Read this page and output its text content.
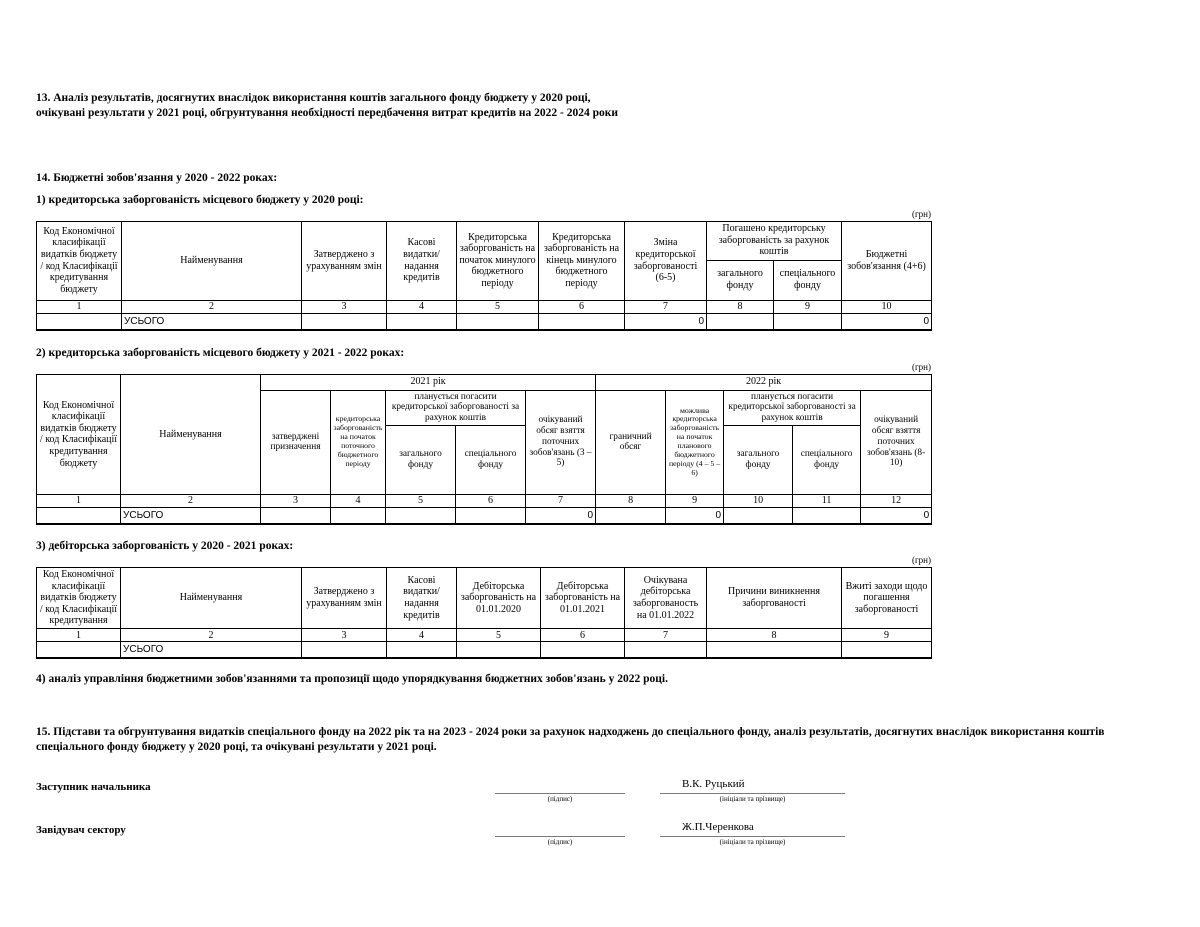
13. Аналіз результатів, досягнутих внаслідок використання коштів загального фонду бюджету у 2020 році, очікувані результати у 2021 році, обгрунтування необхідності передбачення витрат кредитів на 2022 - 2024 роки

14. Бюджетні зобов'язання у 2020 - 2022 роках:

1) кредиторська заборгованість місцевого бюджету у 2020 році:

(грн)
Код Економічної класифікації видатків бюджету / код Класифікації кредитування бюджету	Найменування	Затверджено з урахуванням змін	Касові видатки/ надання кредитів	Кредиторська заборгованість на початок минулого бюджетного періоду	Кредиторська заборгованість на кінець минулого бюджетного періоду	Зміна кредиторської заборгованості (6-5)	Погашено кредиторську заборгованість за рахунок коштів		Бюджетні зобов'язання (4+6)
							загального фонду	спеціального фонду	
1	2	3	4	5	6	7	8	9	10
	УСЬОГО					0			0

2) кредиторська заборгованість місцевого бюджету у 2021 - 2022 роках:

(грн)
Код Економічної класифікації видатків бюджету / код Класифікації кредитування бюджету	Найменування	2021 рік					2022 рік				
		затверджені призначення	кредиторська заборгованість на початок поточного бюджетного періоду	планується погасити кредиторської заборгованості за рахунок коштів		очікуваний обсяг взяття поточних зобов'язань (3 – 5)	граничний обсяг	можлива кредиторська заборгованість на початок планового бюджетного періоду (4 – 5 – 6)	планується погасити кредиторської заборгованості за рахунок коштів		очікуваний обсяг взяття поточних зобов'язань (8-10)
				загального фонду	спеціального фонду				загального фонду	спеціального фонду	
1	2	3	4	5	6	7	8	9	10	11	12
	УСЬОГО					0		0			0

3) дебіторська заборгованість у 2020 - 2021 роках:

(грн)
Код Економічної класифікації видатків бюджету / код Класифікації кредитування	Найменування	Затверджено з урахуванням змін	Касові видатки/ надання кредитів	Дебіторська заборгованість на 01.01.2020	Дебіторська заборгованість на 01.01.2021	Очікувана дебіторська заборгованость на 01.01.2022	Причини виникнення заборгованості	Вжиті заходи щодо погашення заборгованості
1	2	3	4	5	6	7	8	9
	УСЬОГО							

4) аналіз управління бюджетними зобов'язаннями та пропозиції щодо упорядкування бюджетних зобов'язань у 2022 році.

15. Підстави та обгрунтування видатків спеціального фонду на 2022 рік та на 2023 - 2024 роки за рахунок надходжень до спеціального фонду, аналіз результатів, досягнутих внаслідок використання коштів спеціального фонду бюджету у 2020 році, та очікувані результати у 2021 році.

Заступник начальника
(підпис)
В.К. Руцький
(ініціали та прізвище)
Завідувач сектору
(підпис)
Ж.П.Черенкова
(ініціали та прізвище)
